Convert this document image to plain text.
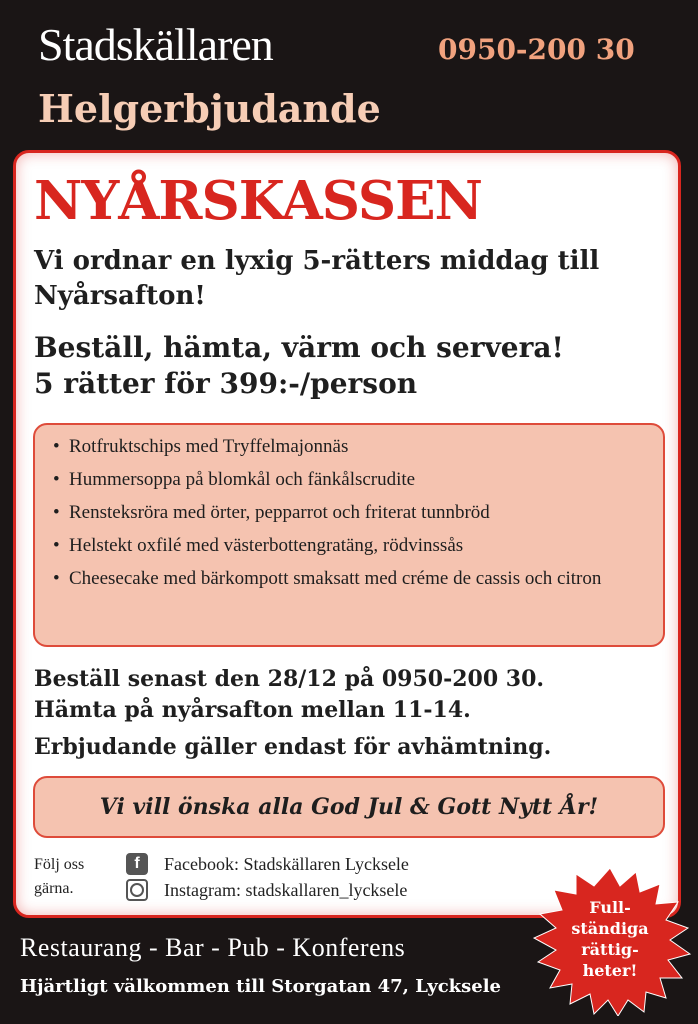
Stadskällaren	0950-200 30
Helgerbjudande
NYÅRSKASSEN
Vi ordnar en lyxig 5-rätters middag till Nyårsafton!
Beställ, hämta, värm och servera!
5 rätter för 399:-/person
• Rotfruktschips med Tryffelmajonnäs
• Hummersoppa på blomkål och fänkålscrudite
• Rensteksröra med örter, pepparrot och friterat tunnbröd
• Helstekt oxfilé med västerbottengratäng, rödvinssås
• Cheesecake med bärkompott smaksatt med créme de cassis och citron

Beställ senast den 28/12 på 0950-200 30.

Hämta på nyårsafton mellan 11-14.

Erbjudande gäller endast för avhämtning.

Vi vill önska alla God Jul & Gott Nytt År!
Följ oss gärna.
f	Facebook: Stadskällaren Lycksele
Instagram: stadskallaren_lycksele
Restaurang - Bar - Pub - Konferens
Hjärtligt välkommen till Storgatan 47, Lycksele
Full-ständiga rättig-heter!
